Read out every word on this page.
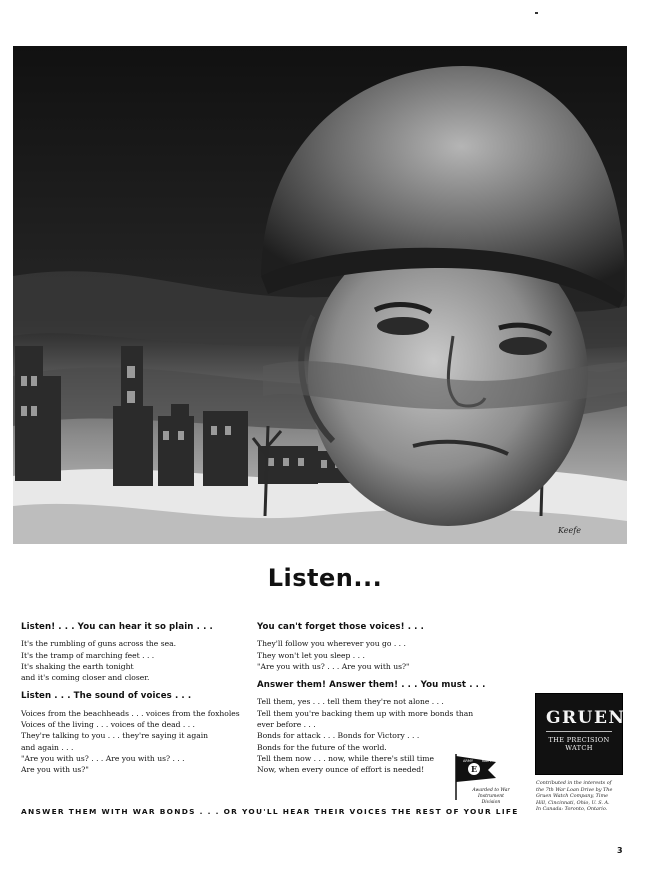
Keefe
Listen...
Listen! . . . You can hear it so plain . . .

It's the rumbling of guns across the sea.

It's the tramp of marching feet . . .

It's shaking the earth tonight

and it's coming closer and closer.

Listen . . . The sound of voices . . .

Voices from the beachheads . . . voices from the foxholes

Voices of the living . . . voices of the dead . . .

They're talking to you . . . they're saying it again

and again . . .

"Are you with us? . . . Are you with us? . . .

Are you with us?"

You can't forget those voices! . . .

They'll follow you wherever you go . . .

They won't let you sleep . . .

"Are you with us? . . . Are you with us?"

Answer them! Answer them! . . . You must . . .

Tell them, yes . . . tell them they're not alone . . .

Tell them you're backing them up with more bonds than

ever before . . .

Bonds for attack . . . Bonds for Victory . . .

Bonds for the future of the world.

Tell them now . . . now, while there's still time

Now, when every ounce of effort is needed!	E
ARMY	NAVY
Awarded to War Instrument Division
GRUEN
THE PRECISION WATCH
Contributed in the interests of
the 7th War Loan Drive by The
Gruen Watch Company, Time
Hill, Cincinnati, Ohio, U. S. A.
In Canada: Toronto, Ontario.
ANSWER THEM WITH WAR BONDS . . . OR YOU'LL HEAR THEIR VOICES THE REST OF YOUR LIFE
3
